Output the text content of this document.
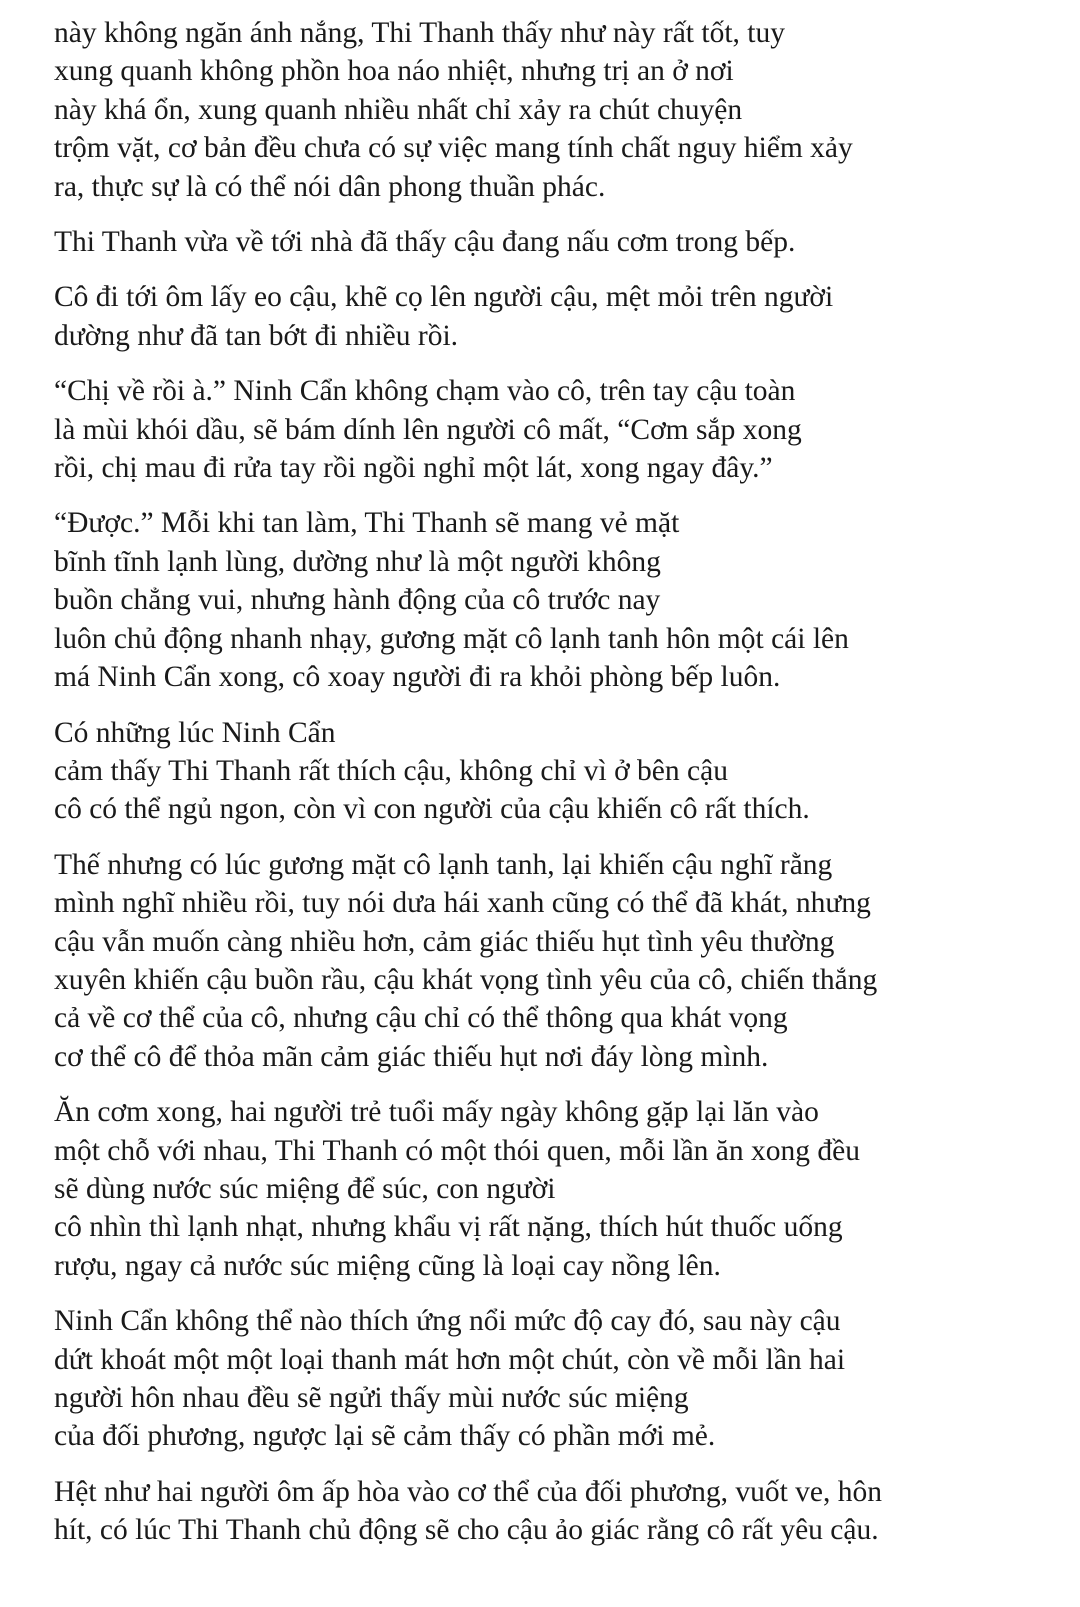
này không ngăn ánh nắng, Thi Thanh thấy như này rất tốt, tuy
xung quanh không phồn hoa náo nhiệt, nhưng trị an ở nơi
này khá ổn, xung quanh nhiều nhất chỉ xảy ra chút chuyện
trộm vặt, cơ bản đều chưa có sự việc mang tính chất nguy hiểm xảy
ra, thực sự là có thể nói dân phong thuần phác.

Thi Thanh vừa về tới nhà đã thấy cậu đang nấu cơm trong bếp.

Cô đi tới ôm lấy eo cậu, khẽ cọ lên người cậu, mệt mỏi trên người
dường như đã tan bớt đi nhiều rồi.

“Chị về rồi à.” Ninh Cẩn không chạm vào cô, trên tay cậu toàn
là mùi khói dầu, sẽ bám dính lên người cô mất, “Cơm sắp xong
rồi, chị mau đi rửa tay rồi ngồi nghỉ một lát, xong ngay đây.”

“Được.” Mỗi khi tan làm, Thi Thanh sẽ mang vẻ mặt
bĩnh tĩnh lạnh lùng, dường như là một người không
buồn chẳng vui, nhưng hành động của cô trước nay
luôn chủ động nhanh nhạy, gương mặt cô lạnh tanh hôn một cái lên
má Ninh Cẩn xong, cô xoay người đi ra khỏi phòng bếp luôn.

Có những lúc Ninh Cẩn
cảm thấy Thi Thanh rất thích cậu, không chỉ vì ở bên cậu
cô có thể ngủ ngon, còn vì con người của cậu khiến cô rất thích.

Thế nhưng có lúc gương mặt cô lạnh tanh, lại khiến cậu nghĩ rằng
mình nghĩ nhiều rồi, tuy nói dưa hái xanh cũng có thể đã khát, nhưng
cậu vẫn muốn càng nhiều hơn, cảm giác thiếu hụt tình yêu thường
xuyên khiến cậu buồn rầu, cậu khát vọng tình yêu của cô, chiến thắng
cả về cơ thể của cô, nhưng cậu chỉ có thể thông qua khát vọng
cơ thể cô để thỏa mãn cảm giác thiếu hụt nơi đáy lòng mình.

Ăn cơm xong, hai người trẻ tuổi mấy ngày không gặp lại lăn vào
một chỗ với nhau, Thi Thanh có một thói quen, mỗi lần ăn xong đều
sẽ dùng nước súc miệng để súc, con người
cô nhìn thì lạnh nhạt, nhưng khẩu vị rất nặng, thích hút thuốc uống
rượu, ngay cả nước súc miệng cũng là loại cay nồng lên.

Ninh Cẩn không thể nào thích ứng nổi mức độ cay đó, sau này cậu
dứt khoát một một loại thanh mát hơn một chút, còn về mỗi lần hai
người hôn nhau đều sẽ ngửi thấy mùi nước súc miệng
của đối phương, ngược lại sẽ cảm thấy có phần mới mẻ.

Hệt như hai người ôm ấp hòa vào cơ thể của đối phương, vuốt ve, hôn
hít, có lúc Thi Thanh chủ động sẽ cho cậu ảo giác rằng cô rất yêu cậu.
